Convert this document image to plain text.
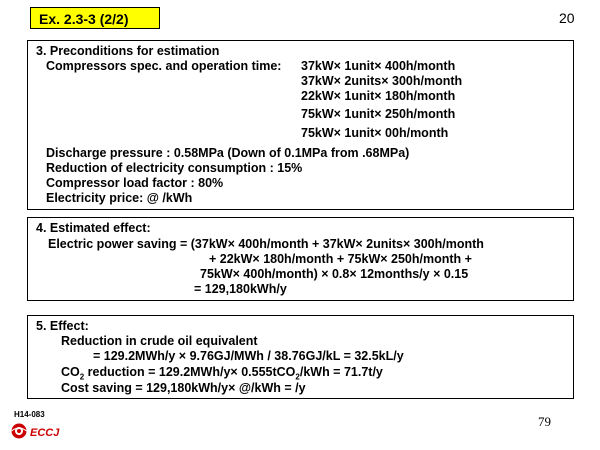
Ex. 2.3-3 (2/2)	20
3. Preconditions for estimation
Compressors spec. and operation time: 37kW× 1unit× 400h/month
37kW× 2units× 300h/month
22kW× 1unit× 180h/month
75kW× 1unit× 250h/month
75kW× 1unit× 00h/month
Discharge pressure : 0.58MPa (Down of 0.1MPa from .68MPa)
Reduction of electricity consumption : 15%
Compressor load factor : 80%
Electricity price: @ /kWh
4. Estimated effect:
Electric power saving = (37kW× 400h/month + 37kW× 2units× 300h/month
+ 22kW× 180h/month + 75kW× 250h/month +
75kW× 400h/month) × 0.8× 12months/y × 0.15
= 129,180kWh/y
5. Effect:
Reduction in crude oil equivalent
= 129.2MWh/y × 9.76GJ/MWh / 38.76GJ/kL = 32.5kL/y
$CO_2$ reduction = 129.2MWh/y× 0.555tCO$_2$/kWh = 71.7t/y
Cost saving = 129,180kWh/y× @/kWh = /y
H14-083
ECCJ
79
